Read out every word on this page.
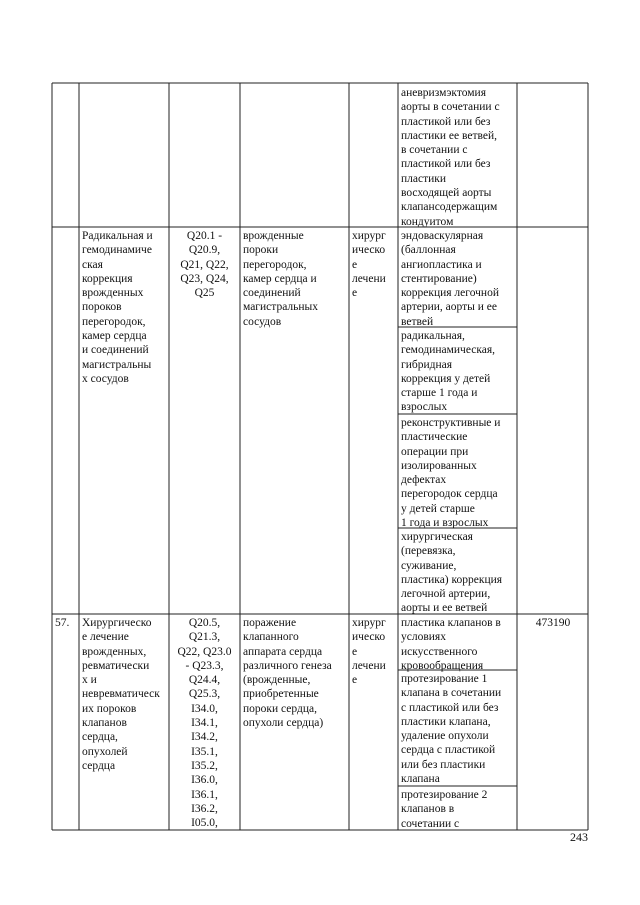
аневризмэктомия
аорты в сочетании с
пластикой или без
пластики ее ветвей,
в сочетании с
пластикой или без
пластики
восходящей аорты
клапансодержащим
кондуитом
Радикальная и
гемодинамиче
ская
коррекция
врожденных
пороков
перегородок,
камер сердца
и соединений
магистральны
х сосудов
Q20.1 -
Q20.9,
Q21, Q22,
Q23, Q24,
Q25
врожденные
пороки
перегородок,
камер сердца и
соединений
магистральных
сосудов
хирург
ическо
е
лечени
е
эндоваскулярная
(баллонная
ангиопластика и
стентирование)
коррекция легочной
артерии, аорты и ее
ветвей
радикальная,
гемодинамическая,
гибридная
коррекция у детей
старше 1 года и
взрослых
реконструктивные и
пластические
операции при
изолированных
дефектах
перегородок сердца
у детей старше
1 года и взрослых
хирургическая
(перевязка,
суживание,
пластика) коррекция
легочной артерии,
аорты и ее ветвей
57.	Хирургическо
е лечение
врожденных,
ревматически
х и
невревматическ
их пороков
клапанов
сердца,
опухолей
сердца
Q20.5,
Q21.3,
Q22, Q23.0
- Q23.3,
Q24.4,
Q25.3,
I34.0,
I34.1,
I34.2,
I35.1,
I35.2,
I36.0,
I36.1,
I36.2,
I05.0,
поражение
клапанного
аппарата сердца
различного генеза
(врожденные,
приобретенные
пороки сердца,
опухоли сердца)
хирург
ическо
е
лечени
е
пластика клапанов в
условиях
искусственного
кровообращения
протезирование 1
клапана в сочетании
с пластикой или без
пластики клапана,
удаление опухоли
сердца с пластикой
или без пластики
клапана
протезирование 2
клапанов в
сочетании с
473190
243
